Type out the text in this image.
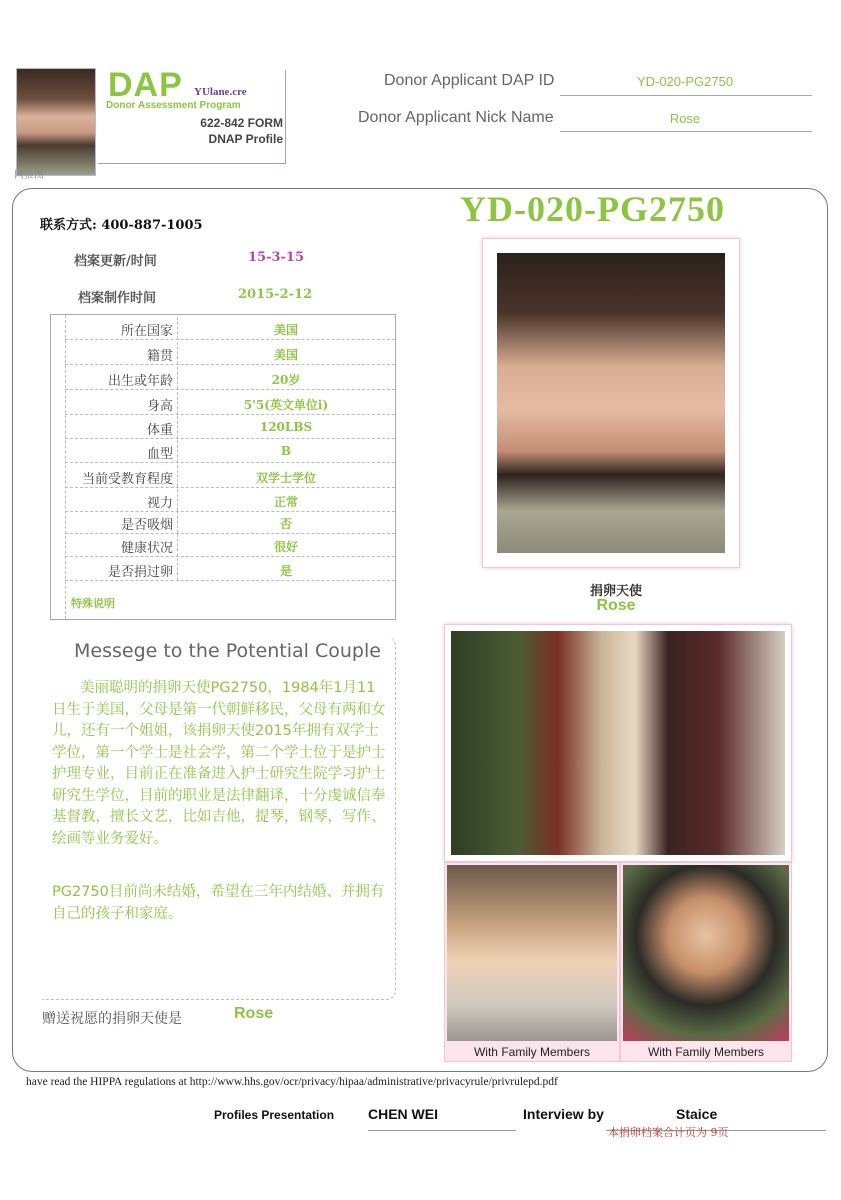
网推图
DAP YUlane.cre
Donor Assessment Program
622-842 FORM
DNAP Profile
Donor Applicant DAP ID	YD-020-PG2750
Donor Applicant Nick Name	Rose
YD-020-PG2750
联系方式: 400-887-1005
档案更新/时间	15-3-15
档案制作时间	2015-2-12
所在国家	美国
籍贯	美国
出生或年龄	20岁
身高	5'5(英文单位i)
体重	120LBS
血型	B
当前受教育程度	双学士学位
视力	正常
是否吸烟	否
健康状况	很好
是否捐过卵	是
特殊说明
捐卵天使
Rose
Messege to the Potential Couple
美丽聪明的捐卵天使PG2750，1984年1月11日生于美国，父母是第一代朝鲜移民，父母有两和女儿，还有一个姐姐，该捐卵天使2015年拥有双学士学位，第一个学士是社会学，第二个学士位于是护士护理专业，目前正在准备进入护士研究生院学习护士研究生学位，目前的职业是法律翻译，十分虔诚信奉基督教，擅长文艺，比如吉他，提琴，钢琴，写作、绘画等业务爱好。
PG2750目前尚未结婚，希望在三年内结婚、并拥有自己的孩子和家庭。
赠送祝愿的捐卵天使是	Rose
With Family Members	With Family Members
have read the HIPPA regulations at http://www.hhs.gov/ocr/privacy/hipaa/administrative/privacyrule/privrulepd.pdf
Profiles Presentation CHEN WEI	Interview by	Staice
本捐卵档案合计页为 9页
